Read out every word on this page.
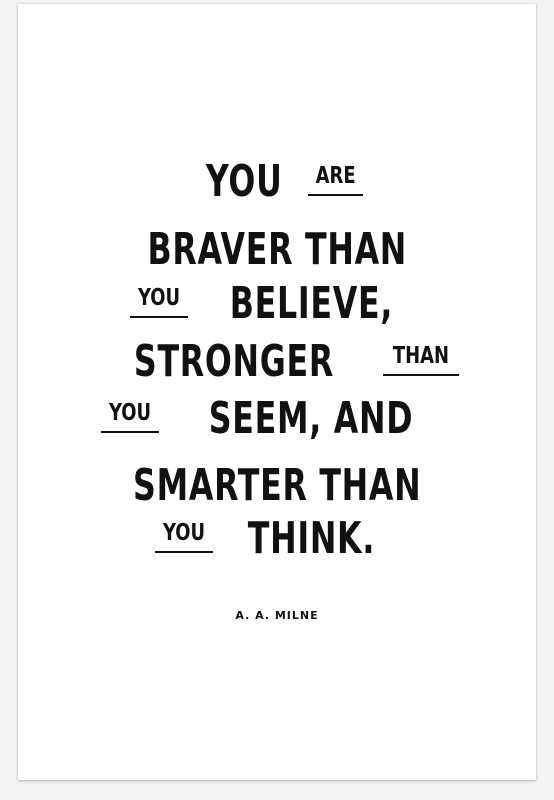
YOU	ARE
BRAVER THAN
YOU BELIEVE,
STRONGER	THAN
YOU SEEM, AND
SMARTER THAN
YOU THINK.
A. A. MILNE
